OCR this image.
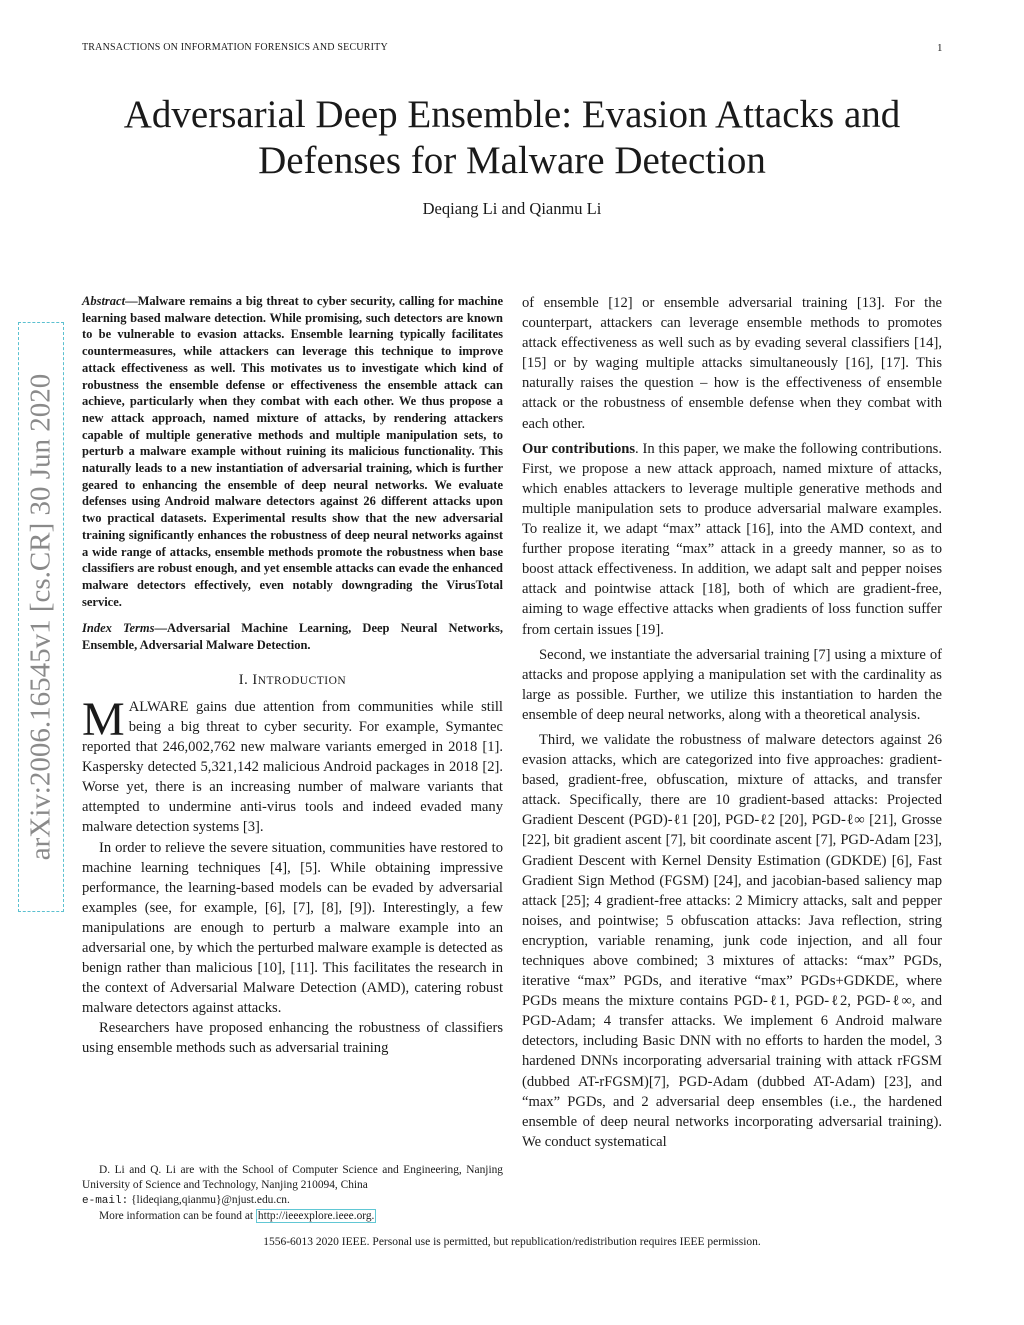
TRANSACTIONS ON INFORMATION FORENSICS AND SECURITY	1
Adversarial Deep Ensemble: Evasion Attacks and Defenses for Malware Detection
Deqiang Li and Qianmu Li
arXiv:2006.16545v1 [cs.CR] 30 Jun 2020
Abstract—Malware remains a big threat to cyber security, calling for machine learning based malware detection. While promising, such detectors are known to be vulnerable to evasion attacks. Ensemble learning typically facilitates countermeasures, while attackers can leverage this technique to improve attack effectiveness as well. This motivates us to investigate which kind of robustness the ensemble defense or effectiveness the ensemble attack can achieve, particularly when they combat with each other. We thus propose a new attack approach, named mixture of attacks, by rendering attackers capable of multiple generative methods and multiple manipulation sets, to perturb a malware example without ruining its malicious functionality. This naturally leads to a new instantiation of adversarial training, which is further geared to enhancing the ensemble of deep neural networks. We evaluate defenses using Android malware detectors against 26 different attacks upon two practical datasets. Experimental results show that the new adversarial training significantly enhances the robustness of deep neural networks against a wide range of attacks, ensemble methods promote the robustness when base classifiers are robust enough, and yet ensemble attacks can evade the enhanced malware detectors effectively, even notably downgrading the VirusTotal service.
Index Terms—Adversarial Machine Learning, Deep Neural Networks, Ensemble, Adversarial Malware Detection.
I. INTRODUCTION

MALWARE gains due attention from communities while still being a big threat to cyber security. For example, Symantec reported that 246,002,762 new malware variants emerged in 2018 [1]. Kaspersky detected 5,321,142 malicious Android packages in 2018 [2]. Worse yet, there is an increasing number of malware variants that attempted to undermine anti-virus tools and indeed evaded many malware detection systems [3].

In order to relieve the severe situation, communities have restored to machine learning techniques [4], [5]. While obtaining impressive performance, the learning-based models can be evaded by adversarial examples (see, for example, [6], [7], [8], [9]). Interestingly, a few manipulations are enough to perturb a malware example into an adversarial one, by which the perturbed malware example is detected as benign rather than malicious [10], [11]. This facilitates the research in the context of Adversarial Malware Detection (AMD), catering robust malware detectors against attacks.

Researchers have proposed enhancing the robustness of classifiers using ensemble methods such as adversarial training

D. Li and Q. Li are with the School of Computer Science and Engineering, Nanjing University of Science and Technology, Nanjing 210094, China

e-mail: {lideqiang,qianmu}@njust.edu.cn.

More information can be found at http://ieeexplore.ieee.org.

of ensemble [12] or ensemble adversarial training [13]. For the counterpart, attackers can leverage ensemble methods to promotes attack effectiveness as well such as by evading several classifiers [14], [15] or by waging multiple attacks simultaneously [16], [17]. This naturally raises the question – how is the effectiveness of ensemble attack or the robustness of ensemble defense when they combat with each other.

Our contributions. In this paper, we make the following contributions. First, we propose a new attack approach, named mixture of attacks, which enables attackers to leverage multiple generative methods and multiple manipulation sets to produce adversarial malware examples. To realize it, we adapt “max” attack [16], into the AMD context, and further propose iterating “max” attack in a greedy manner, so as to boost attack effectiveness. In addition, we adapt salt and pepper noises attack and pointwise attack [18], both of which are gradient-free, aiming to wage effective attacks when gradients of loss function suffer from certain issues [19].

Second, we instantiate the adversarial training [7] using a mixture of attacks and propose applying a manipulation set with the cardinality as large as possible. Further, we utilize this instantiation to harden the ensemble of deep neural networks, along with a theoretical analysis.

Third, we validate the robustness of malware detectors against 26 evasion attacks, which are categorized into five approaches: gradient-based, gradient-free, obfuscation, mixture of attacks, and transfer attack. Specifically, there are 10 gradient-based attacks: Projected Gradient Descent (PGD)-ℓ1 [20], PGD-ℓ2 [20], PGD-ℓ∞ [21], Grosse [22], bit gradient ascent [7], bit coordinate ascent [7], PGD-Adam [23], Gradient Descent with Kernel Density Estimation (GDKDE) [6], Fast Gradient Sign Method (FGSM) [24], and jacobian-based saliency map attack [25]; 4 gradient-free attacks: 2 Mimicry attacks, salt and pepper noises, and pointwise; 5 obfuscation attacks: Java reflection, string encryption, variable renaming, junk code injection, and all four techniques above combined; 3 mixtures of attacks: “max” PGDs, iterative “max” PGDs, and iterative “max” PGDs+GDKDE, where PGDs means the mixture contains PGD-ℓ1, PGD-ℓ2, PGD-ℓ∞, and PGD-Adam; 4 transfer attacks. We implement 6 Android malware detectors, including Basic DNN with no efforts to harden the model, 3 hardened DNNs incorporating adversarial training with attack rFGSM (dubbed AT-rFGSM)[7], PGD-Adam (dubbed AT-Adam) [23], and “max” PGDs, and 2 adversarial deep ensembles (i.e., the hardened ensemble of deep neural networks incorporating adversarial training). We conduct systematical

1556-6013 2020 IEEE. Personal use is permitted, but republication/redistribution requires IEEE permission.
